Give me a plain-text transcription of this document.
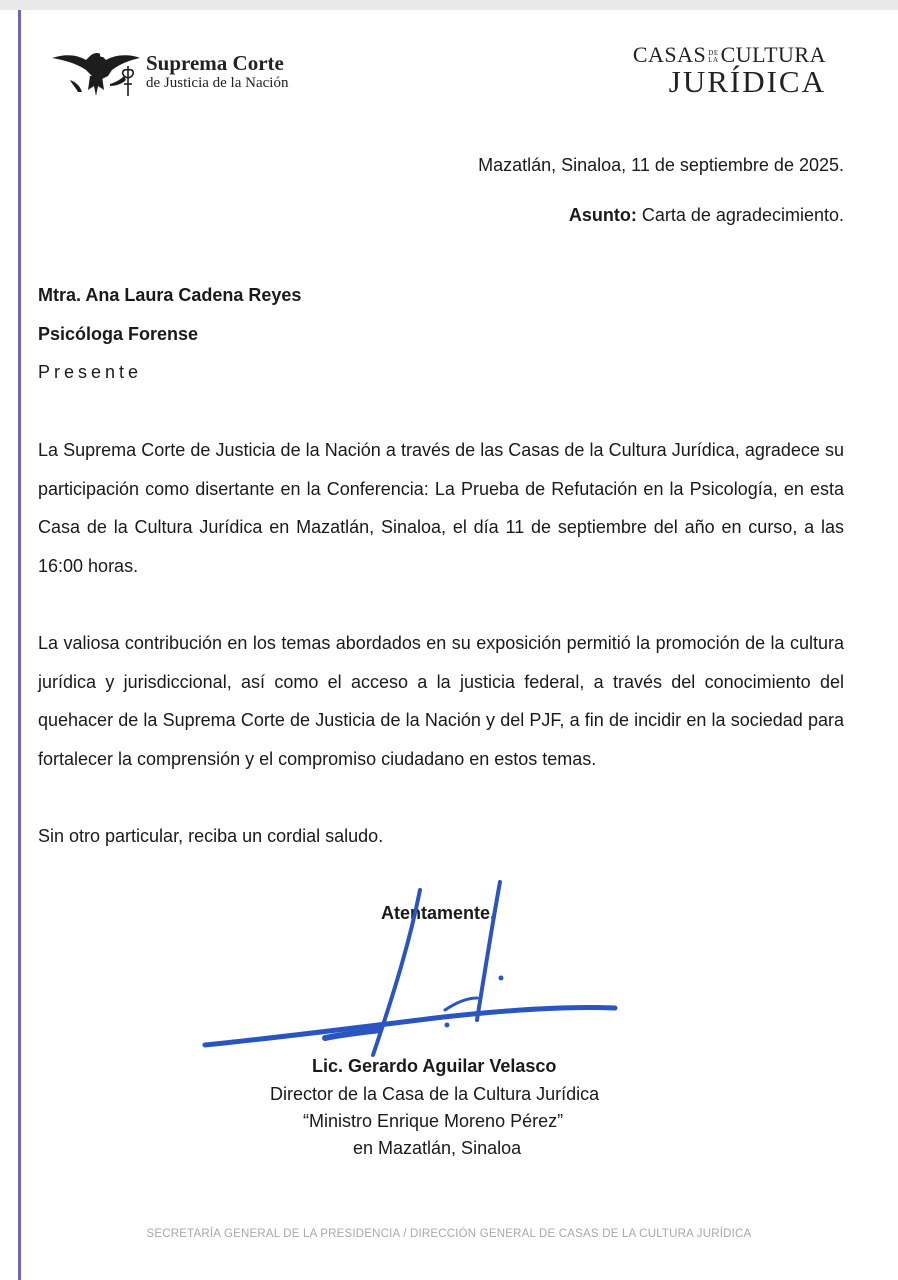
Suprema Corte
de Justicia de la Nación
CASAS DE
LACULTURA
JURÍDICA
Mazatlán, Sinaloa, 11 de septiembre de 2025.
Asunto: Carta de agradecimiento.
Mtra. Ana Laura Cadena Reyes
Psicóloga Forense
Presente
La Suprema Corte de Justicia de la Nación a través de las Casas de la Cultura Jurídica, agradece su participación como disertante en la Conferencia: La Prueba de Refutación en la Psicología, en esta Casa de la Cultura Jurídica en Mazatlán, Sinaloa, el día 11 de septiembre del año en curso, a las 16:00 horas.
La valiosa contribución en los temas abordados en su exposición permitió la promoción de la cultura jurídica y jurisdiccional, así como el acceso a la justicia federal, a través del conocimiento del quehacer de la Suprema Corte de Justicia de la Nación y del PJF, a fin de incidir en la sociedad para fortalecer la comprensión y el compromiso ciudadano en estos temas.
Sin otro particular, reciba un cordial saludo.
Atentamente,
Lic. Gerardo Aguilar Velasco
Director de la Casa de la Cultura Jurídica
“Ministro Enrique Moreno Pérez”
en Mazatlán, Sinaloa
SECRETARÍA GENERAL DE LA PRESIDENCIA / DIRECCIÓN GENERAL DE CASAS DE LA CULTURA JURÍDICA
